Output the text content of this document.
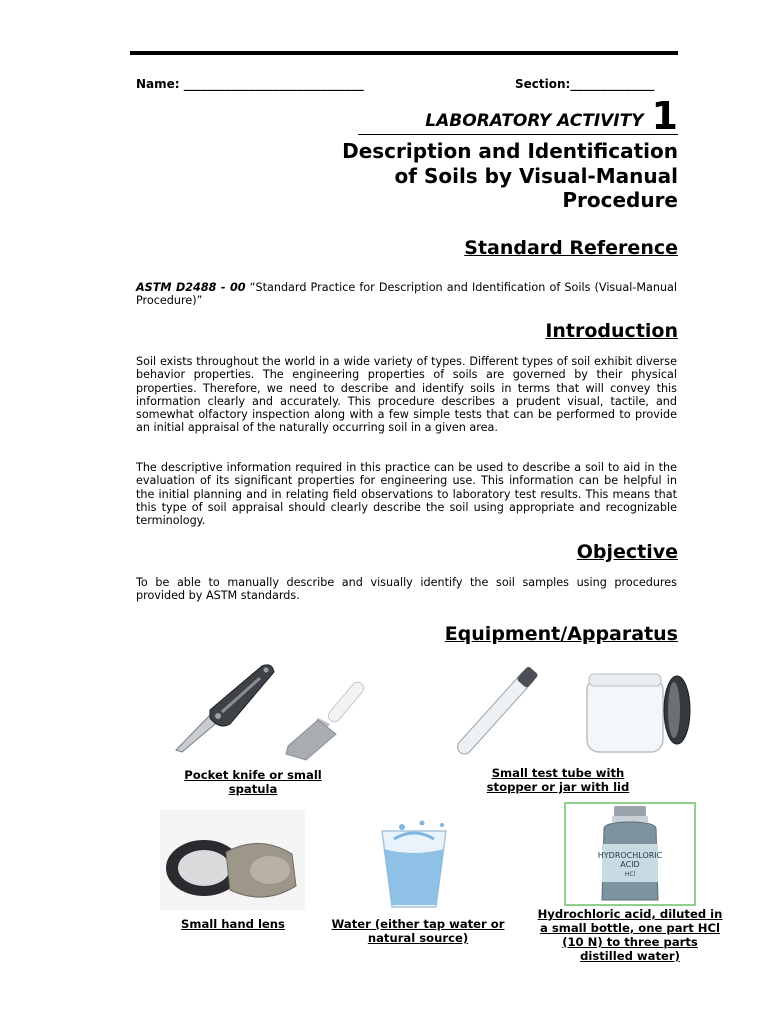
Name: ______________________________	Section:______________
LABORATORY ACTIVITY 1
Description and Identification
of Soils by Visual-Manual
Procedure
Standard Reference
ASTM D2488 - 00 “Standard Practice for Description and Identification of Soils (Visual-Manual Procedure)”
Introduction
Soil exists throughout the world in a wide variety of types. Different types of soil exhibit diverse behavior properties. The engineering properties of soils are governed by their physical properties. Therefore, we need to describe and identify soils in terms that will convey this information clearly and accurately. This procedure describes a prudent visual, tactile, and somewhat olfactory inspection along with a few simple tests that can be performed to provide an initial appraisal of the naturally occurring soil in a given area.
The descriptive information required in this practice can be used to describe a soil to aid in the evaluation of its significant properties for engineering use. This information can be helpful in the initial planning and in relating field observations to laboratory test results. This means that this type of soil appraisal should clearly describe the soil using appropriate and recognizable terminology.
Objective
To be able to manually describe and visually identify the soil samples using procedures provided by ASTM standards.
Equipment/Apparatus
Pocket knife or small
spatula
Small test tube with
stopper or jar with lid
Small hand lens	Water (either tap water or
natural source)
HYDROCHLORIC
ACID
HCl
Hydrochloric acid, diluted in
a small bottle, one part HCl
(10 N) to three parts
distilled water)
